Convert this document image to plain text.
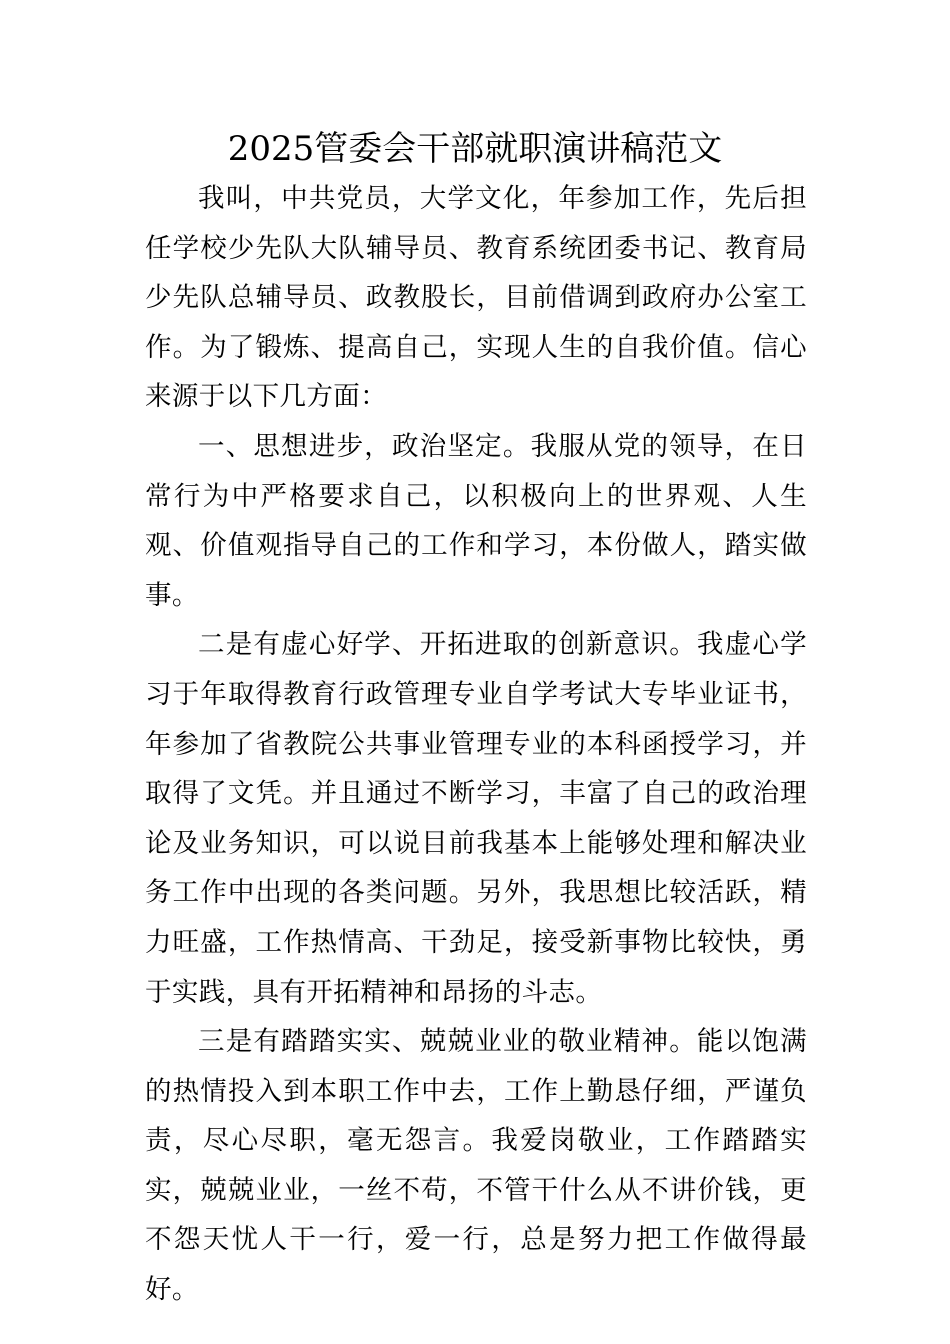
2025管委会干部就职演讲稿范文

我叫，中共党员，大学文化，年参加工作，先后担任学校少先队大队辅导员、教育系统团委书记、教育局少先队总辅导员、政教股长，目前借调到政府办公室工作。为了锻炼、提高自己，实现人生的自我价值。信心来源于以下几方面：

一、思想进步，政治坚定。我服从党的领导，在日常行为中严格要求自己，以积极向上的世界观、人生观、价值观指导自己的工作和学习，本份做人，踏实做事。

二是有虚心好学、开拓进取的创新意识。我虚心学习于年取得教育行政管理专业自学考试大专毕业证书，年参加了省教院公共事业管理专业的本科函授学习，并取得了文凭。并且通过不断学习，丰富了自己的政治理论及业务知识，可以说目前我基本上能够处理和解决业务工作中出现的各类问题。另外，我思想比较活跃，精力旺盛，工作热情高、干劲足，接受新事物比较快，勇于实践，具有开拓精神和昂扬的斗志。

三是有踏踏实实、兢兢业业的敬业精神。能以饱满的热情投入到本职工作中去，工作上勤恳仔细，严谨负责，尽心尽职，毫无怨言。我爱岗敬业，工作踏踏实实，兢兢业业，一丝不苟，不管干什么从不讲价钱，更不怨天忧人干一行，爱一行，总是努力把工作做得最好。
